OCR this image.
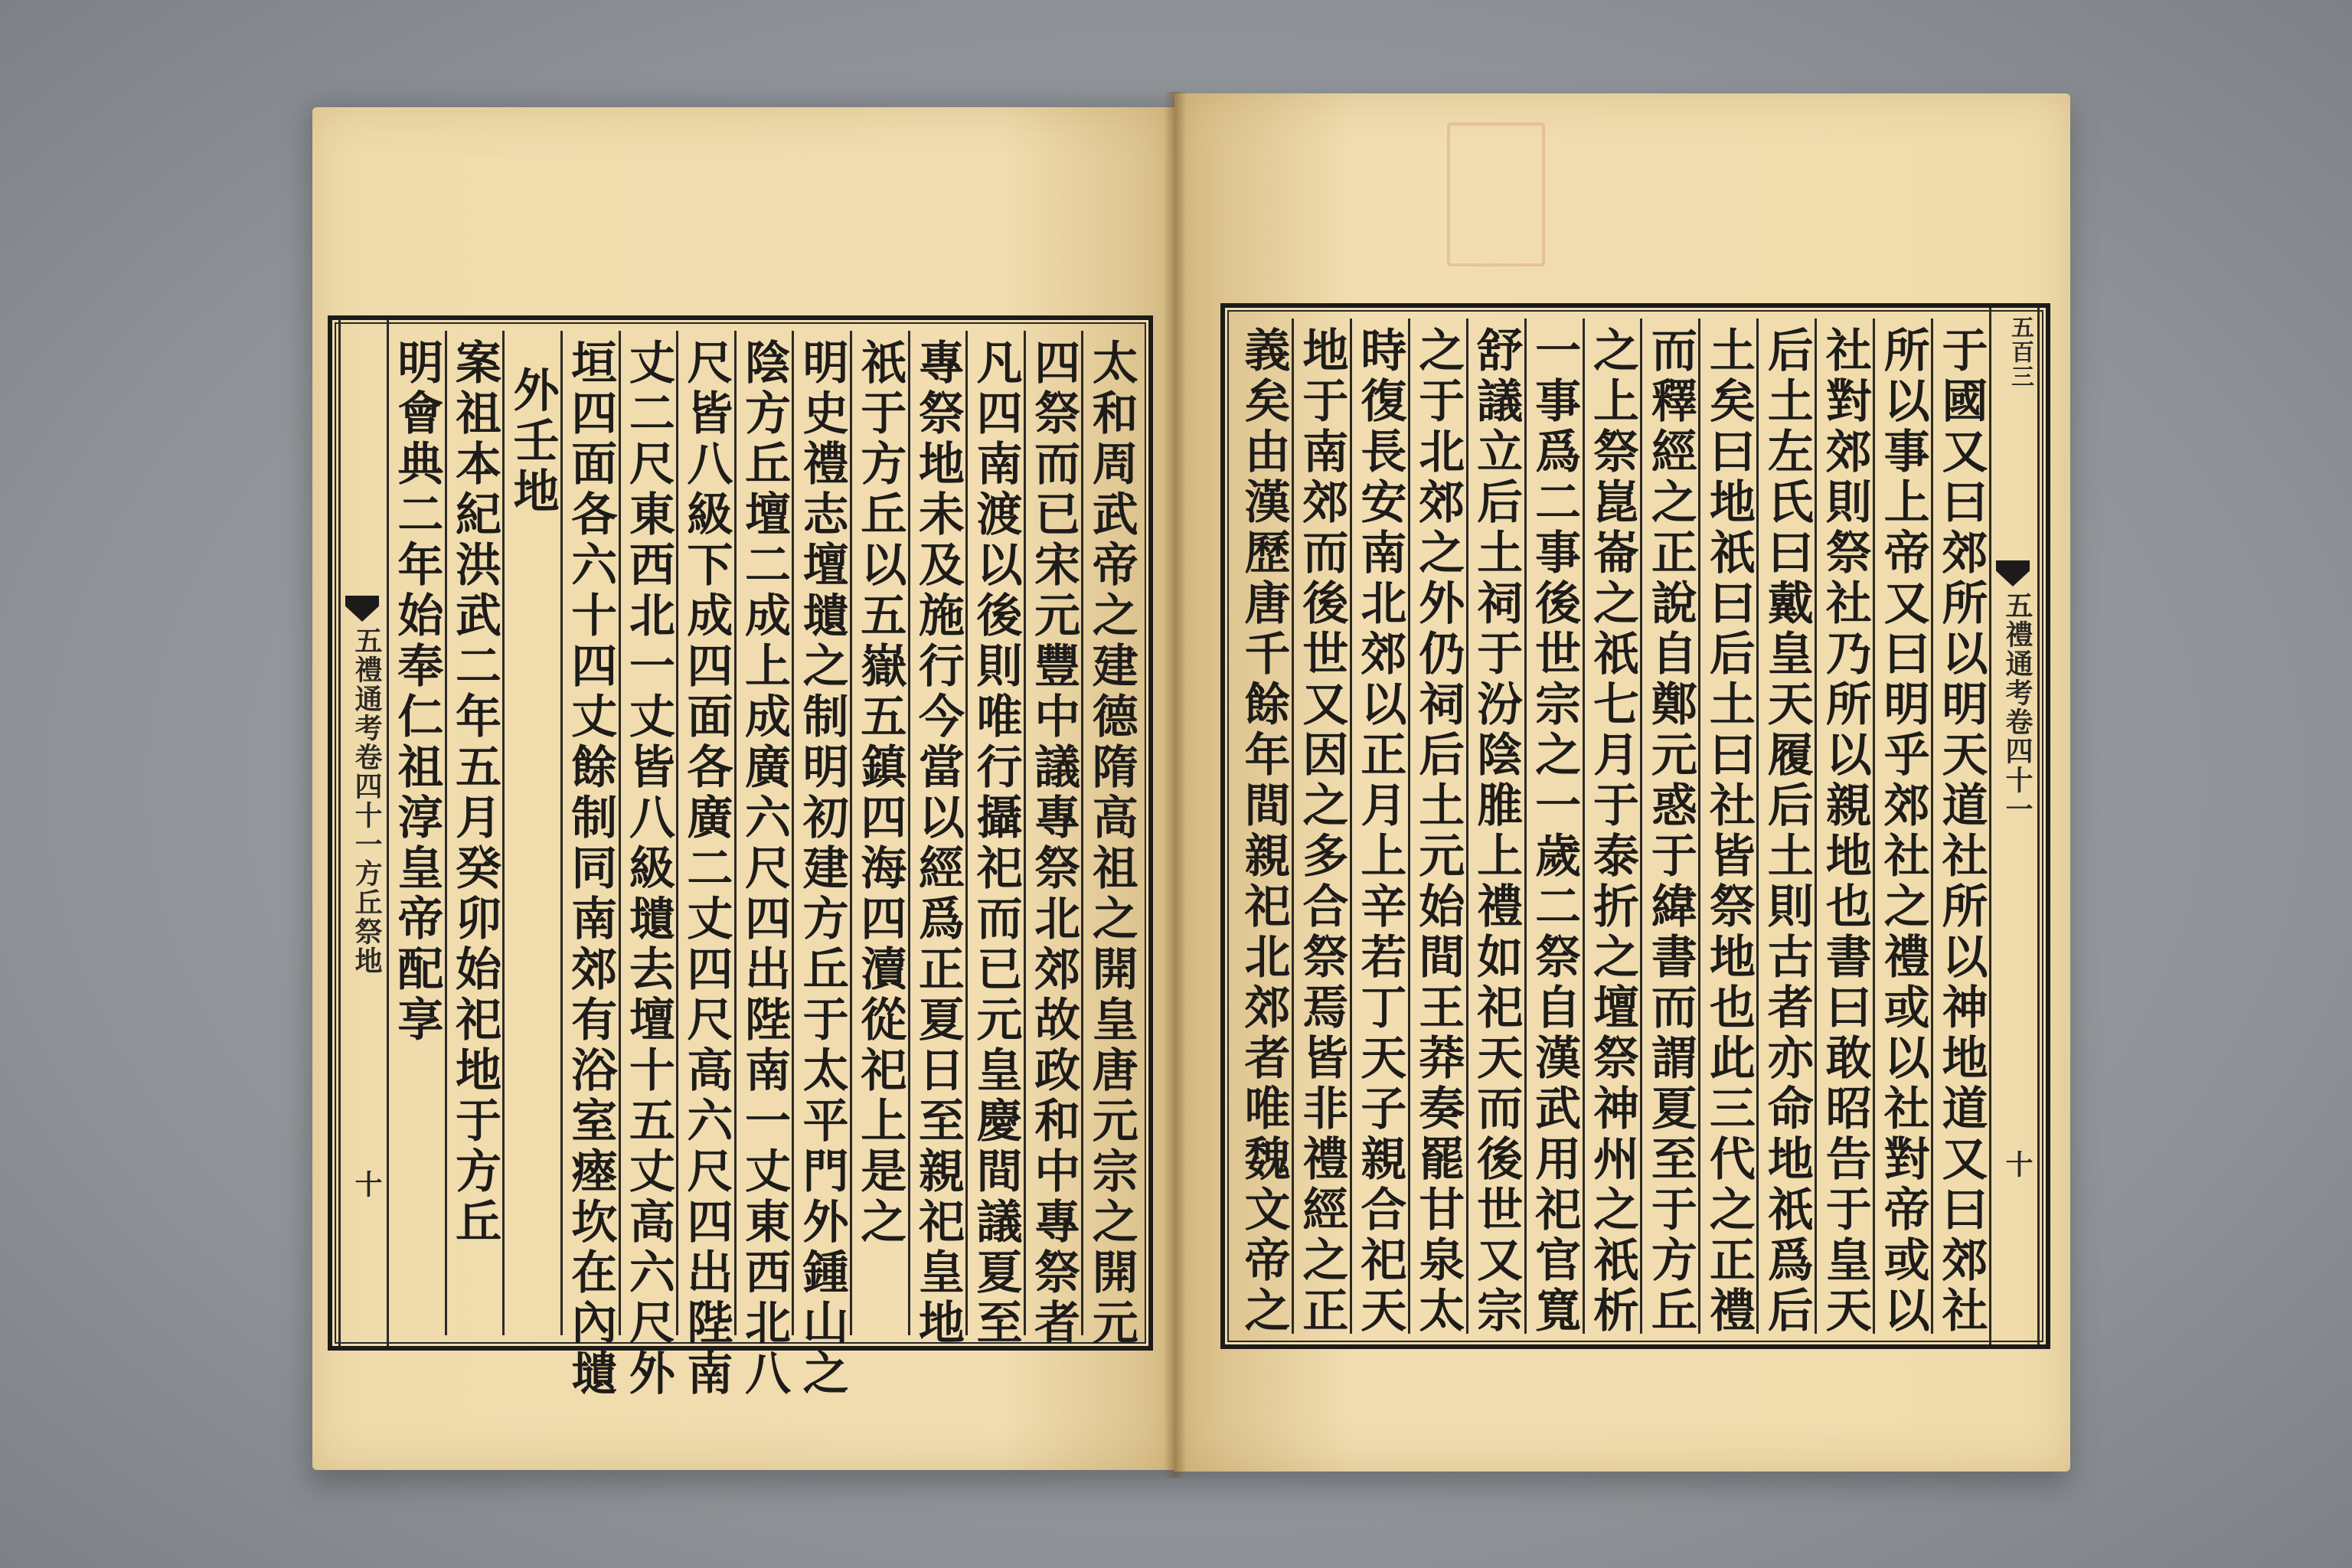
五禮通考卷四十一方丘祭地
十	太和周武帝之建德隋高祖之開皇唐元宗之開元
四祭而已宋元豐中議專祭北郊故政和中專祭者
凡四南渡以後則唯行攝祀而已元皇慶間議夏至
專祭地未及施行今當以經爲正夏日至親祀皇地
祇于方丘以五嶽五鎮四海四瀆從祀上是之
明史禮志壇壝之制明初建方丘于太平門外鍾山之
陰方丘壇二成上成廣六尺四出陛南一丈東西北八
尺皆八級下成四面各廣二丈四尺高六尺四出陛南
丈二尺東西北一丈皆八級壝去壇十五丈高六尺外
垣四面各六十四丈餘制同南郊有浴室瘞坎在內壝
外壬地
案祖本紀洪武二年五月癸卯始祀地于方丘
明會典二年始奉仁祖淳皇帝配享	五百三
五禮通考卷四十一
十
于國又曰郊所以明天道社所以神地道又曰郊社
所以事上帝又曰明乎郊社之禮或以社對帝或以
社對郊則祭社乃所以親地也書曰敢昭告于皇天
后土左氏曰戴皇天履后土則古者亦命地祇爲后
土矣曰地祇曰后土曰社皆祭地也此三代之正禮
而釋經之正說自鄭元惑于緯書而謂夏至于方丘
之上祭崑崙之祇七月于泰折之壇祭神州之祇析
一事爲二事後世宗之一歲二祭自漢武用祀官寬
舒議立后土祠于汾陰脽上禮如祀天而後世又宗
之于北郊之外仍祠后土元始間王莽奏罷甘泉太
時復長安南北郊以正月上辛若丁天子親合祀天
地于南郊而後世又因之多合祭焉皆非禮經之正
義矣由漢歷唐千餘年間親祀北郊者唯魏文帝之
